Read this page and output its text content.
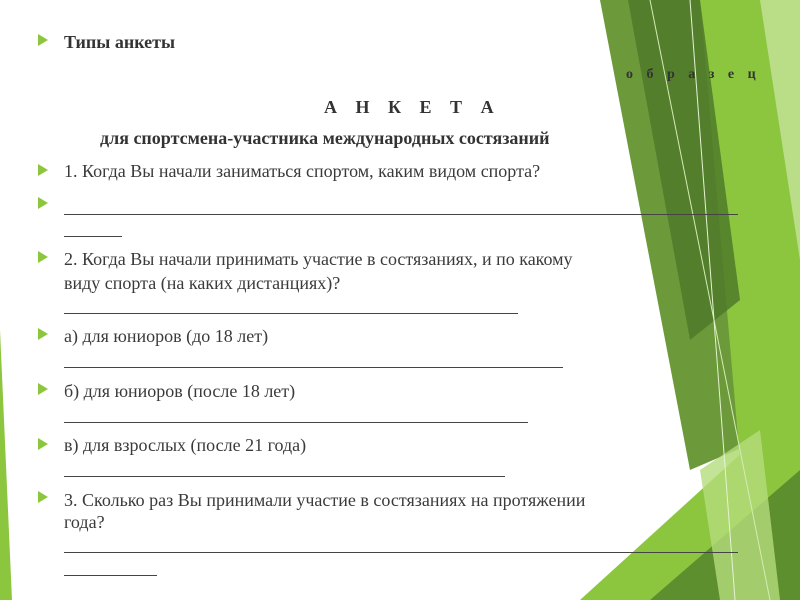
Типы анкеты
о б р а з е ц
А Н К Е Т А
для спортсмена-участника международных состязаний
1. Когда Вы начали заниматься спортом, каким видом спорта?
2. Когда Вы начали принимать участие в состязаниях, и по какому
виду спорта (на каких дистанциях)?
а) для юниоров (до 18 лет)
б) для юниоров (после 18 лет)
в) для взрослых (после 21 года)
3. Сколько раз Вы принимали участие в состязаниях на протяжении
года?
